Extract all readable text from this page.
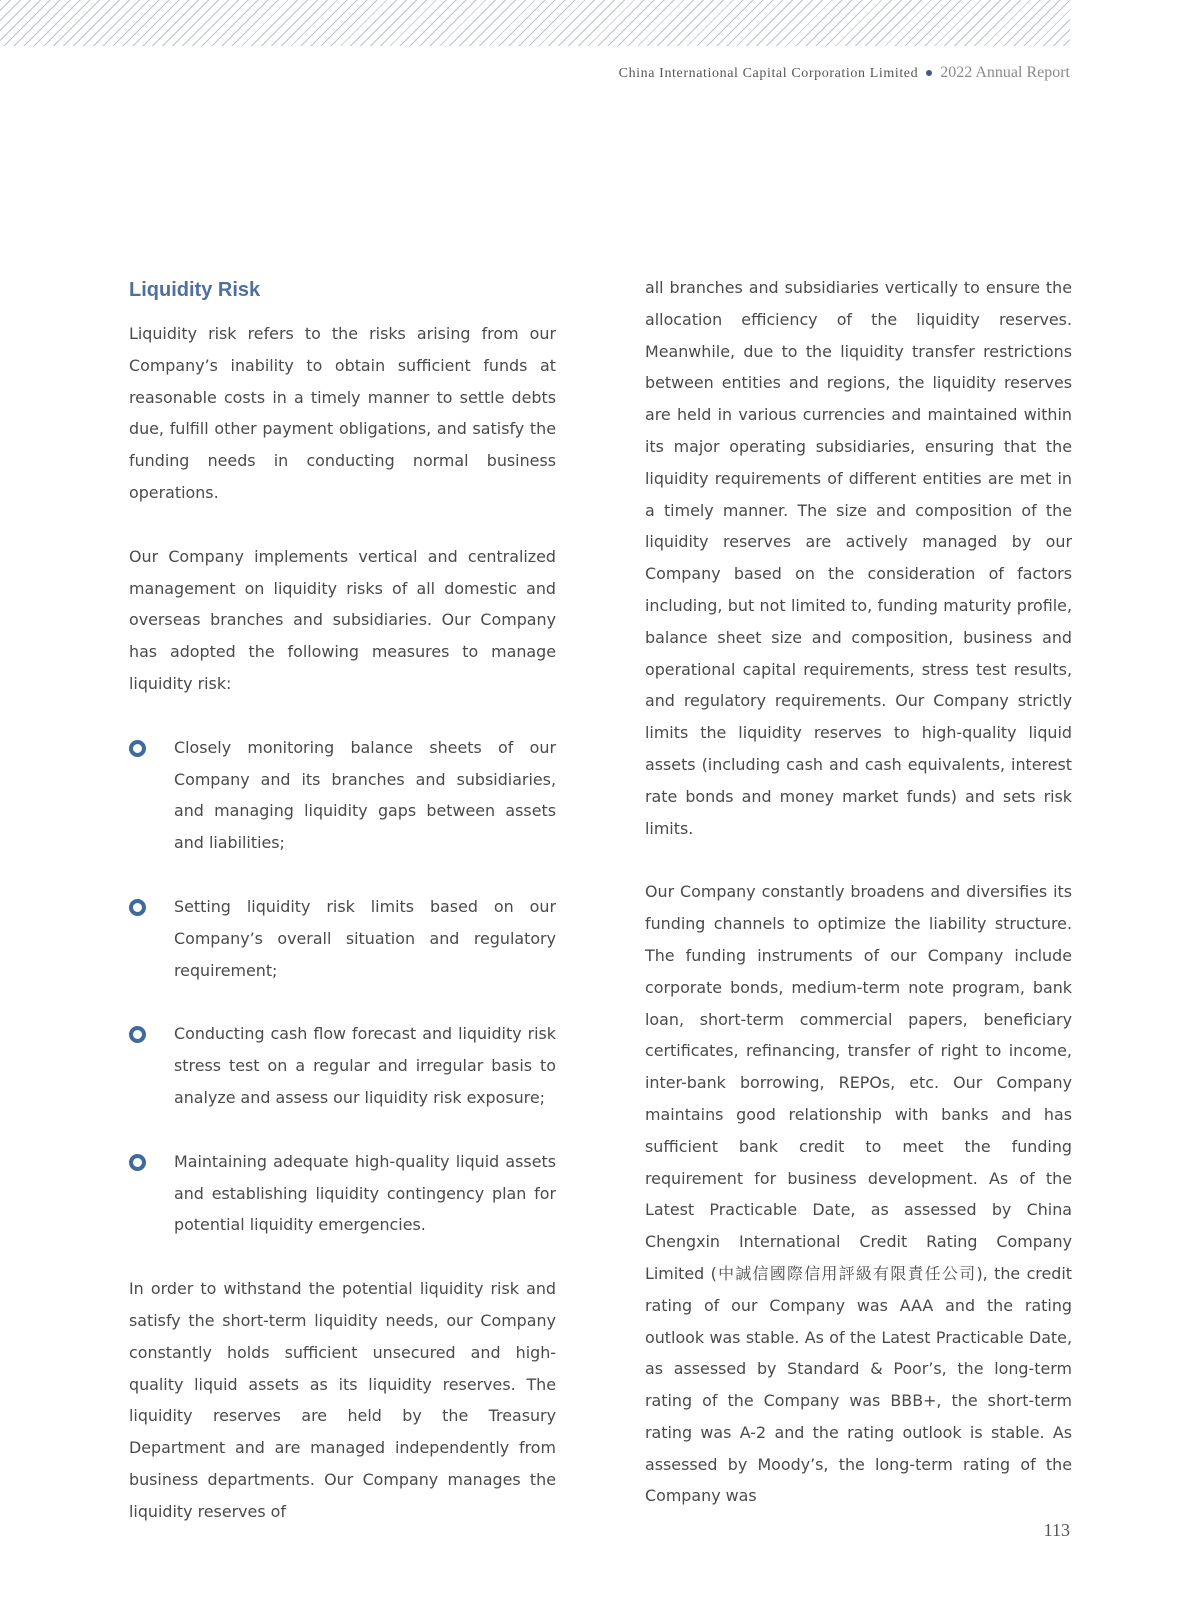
China International Capital Corporation Limited 2022 Annual Report
Liquidity Risk

Liquidity risk refers to the risks arising from our Company’s inability to obtain sufficient funds at reasonable costs in a timely manner to settle debts due, fulfill other payment obligations, and satisfy the funding needs in conducting normal business operations.

Our Company implements vertical and centralized management on liquidity risks of all domestic and overseas branches and subsidiaries. Our Company has adopted the following measures to manage liquidity risk:

Closely monitoring balance sheets of our Company and its branches and subsidiaries, and managing liquidity gaps between assets and liabilities;
Setting liquidity risk limits based on our Company’s overall situation and regulatory requirement;
Conducting cash flow forecast and liquidity risk stress test on a regular and irregular basis to analyze and assess our liquidity risk exposure;
Maintaining adequate high-quality liquid assets and establishing liquidity contingency plan for potential liquidity emergencies.

In order to withstand the potential liquidity risk and satisfy the short-term liquidity needs, our Company constantly holds sufficient unsecured and high-quality liquid assets as its liquidity reserves. The liquidity reserves are held by the Treasury Department and are managed independently from business departments. Our Company manages the liquidity reserves of

all branches and subsidiaries vertically to ensure the allocation efficiency of the liquidity reserves. Meanwhile, due to the liquidity transfer restrictions between entities and regions, the liquidity reserves are held in various currencies and maintained within its major operating subsidiaries, ensuring that the liquidity requirements of different entities are met in a timely manner. The size and composition of the liquidity reserves are actively managed by our Company based on the consideration of factors including, but not limited to, funding maturity profile, balance sheet size and composition, business and operational capital requirements, stress test results, and regulatory requirements. Our Company strictly limits the liquidity reserves to high-quality liquid assets (including cash and cash equivalents, interest rate bonds and money market funds) and sets risk limits.

Our Company constantly broadens and diversifies its funding channels to optimize the liability structure. The funding instruments of our Company include corporate bonds, medium-term note program, bank loan, short-term commercial papers, beneficiary certificates, refinancing, transfer of right to income, inter-bank borrowing, REPOs, etc. Our Company maintains good relationship with banks and has sufficient bank credit to meet the funding requirement for business development. As of the Latest Practicable Date, as assessed by China Chengxin International Credit Rating Company Limited (中誠信國際信用評級有限責任公司), the credit rating of our Company was AAA and the rating outlook was stable. As of the Latest Practicable Date, as assessed by Standard & Poor’s, the long-term rating of the Company was BBB+, the short-term rating was A-2 and the rating outlook is stable. As assessed by Moody’s, the long-term rating of the Company was

113
